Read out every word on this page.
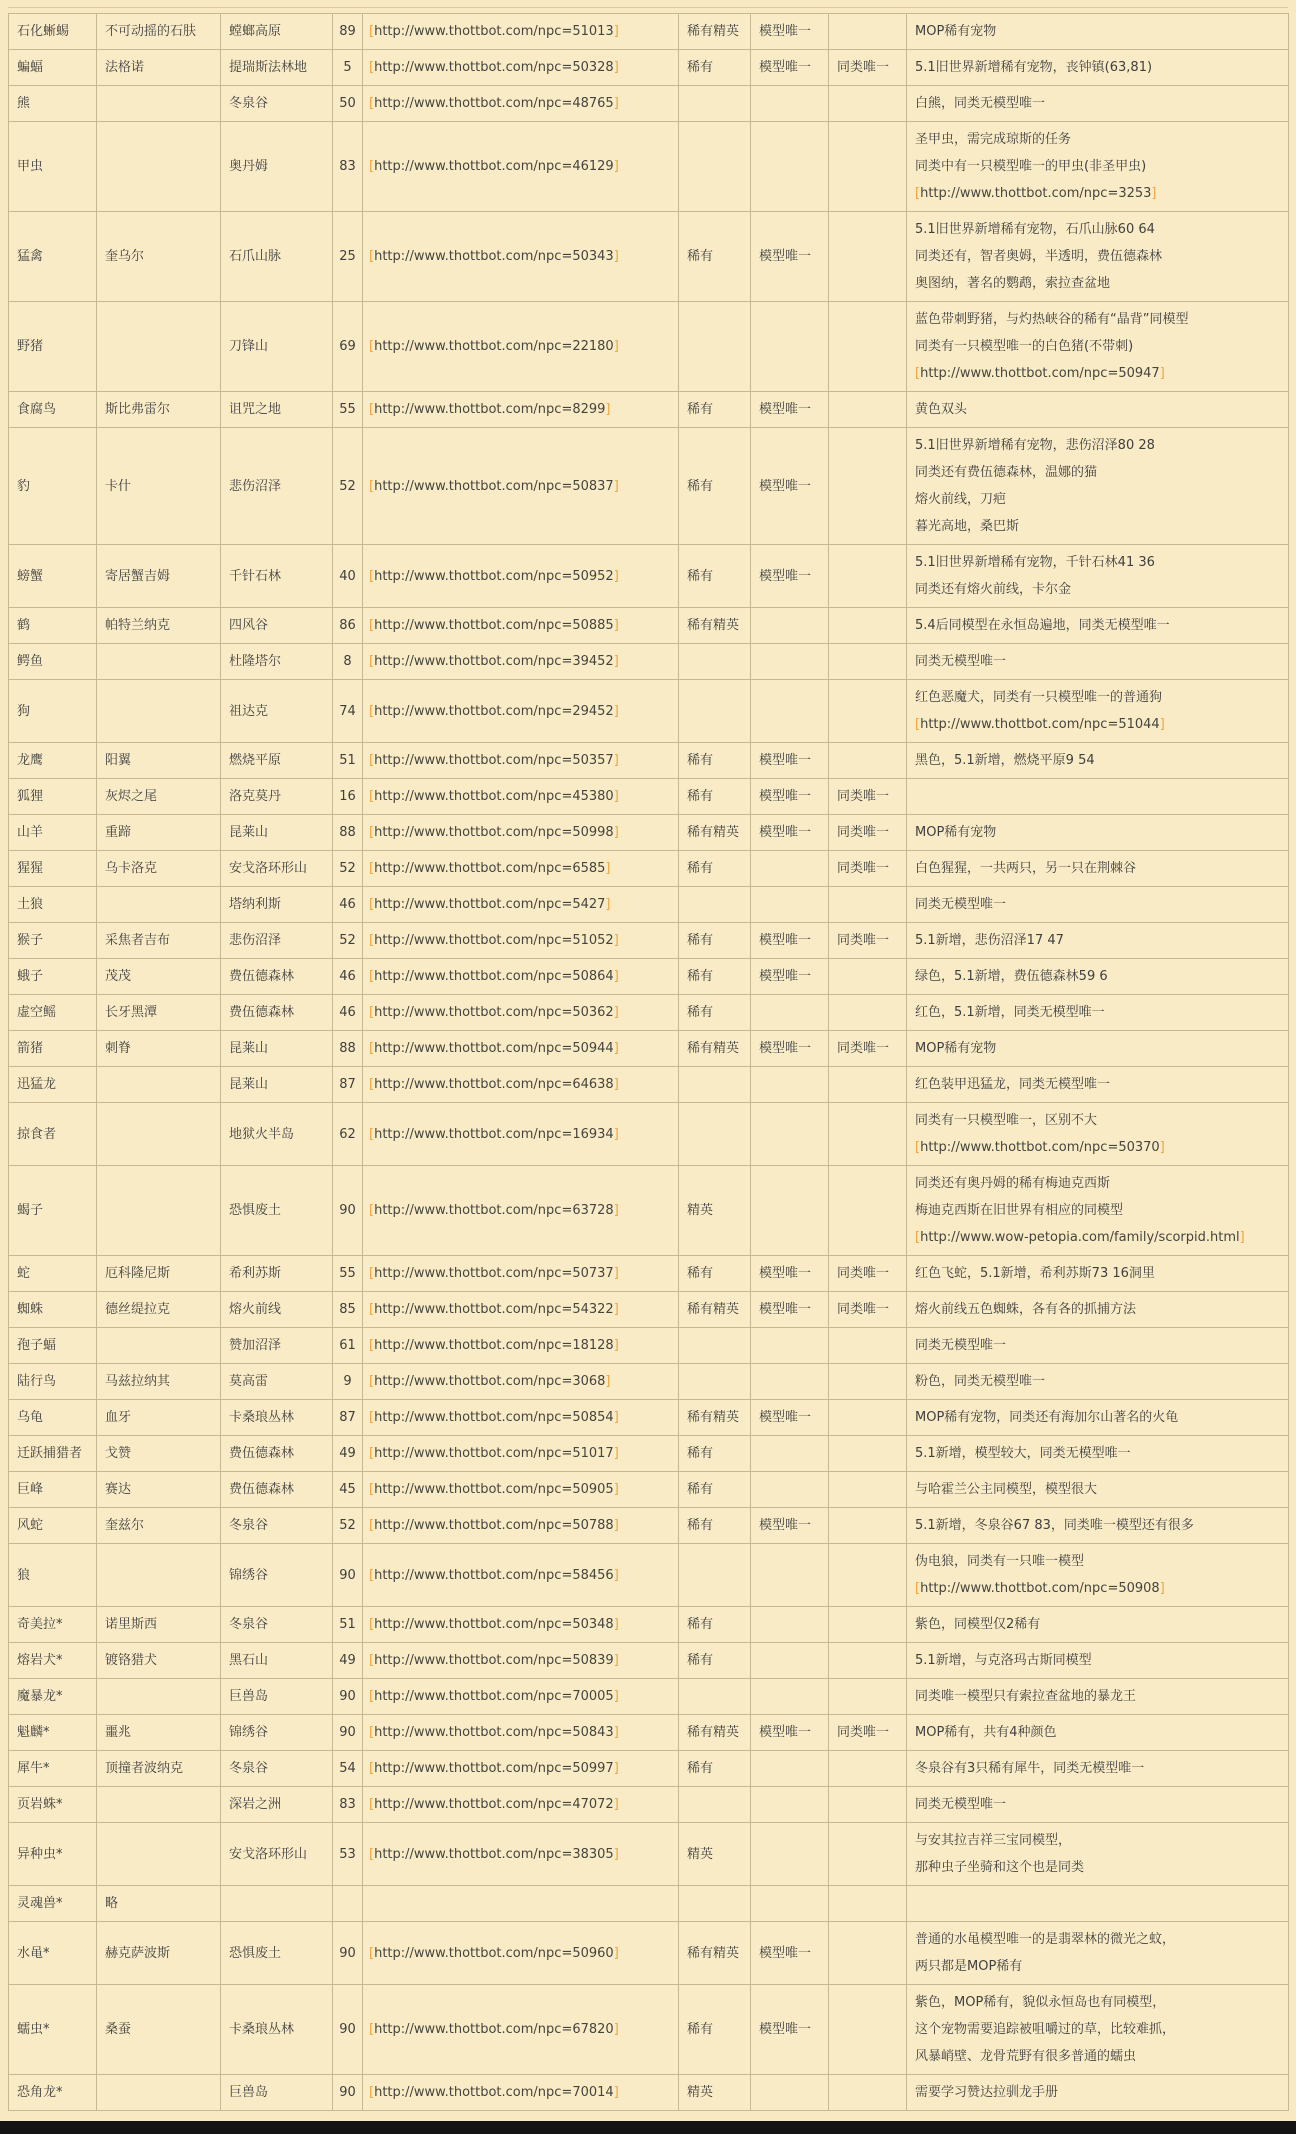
石化蜥蜴	不可动摇的石肤	螳螂高原	89	[http://www.thottbot.com/npc=51013]	稀有精英	模型唯一		MOP稀有宠物

蝙蝠	法格诺	提瑞斯法林地	5	[http://www.thottbot.com/npc=50328]	稀有	模型唯一	同类唯一	5.1旧世界新增稀有宠物，丧钟镇(63,81)

熊		冬泉谷	50	[http://www.thottbot.com/npc=48765]				白熊，同类无模型唯一

甲虫		奥丹姆	83	[http://www.thottbot.com/npc=46129]				圣甲虫，需完成琼斯的任务
同类中有一只模型唯一的甲虫(非圣甲虫)
[http://www.thottbot.com/npc=3253]

猛禽	奎乌尔	石爪山脉	25	[http://www.thottbot.com/npc=50343]	稀有	模型唯一		5.1旧世界新增稀有宠物，石爪山脉60 64
同类还有，智者奥姆，半透明，费伍德森林
奥图纳，著名的鹦鹉，索拉查盆地

野猪		刀锋山	69	[http://www.thottbot.com/npc=22180]				蓝色带刺野猪，与灼热峡谷的稀有“晶背”同模型
同类有一只模型唯一的白色猪(不带刺)
[http://www.thottbot.com/npc=50947]

食腐鸟	斯比弗雷尔	诅咒之地	55	[http://www.thottbot.com/npc=8299]	稀有	模型唯一		黄色双头

豹	卡什	悲伤沼泽	52	[http://www.thottbot.com/npc=50837]	稀有	模型唯一		5.1旧世界新增稀有宠物，悲伤沼泽80 28
同类还有费伍德森林，温娜的猫
熔火前线，刀疤
暮光高地，桑巴斯

螃蟹	寄居蟹吉姆	千针石林	40	[http://www.thottbot.com/npc=50952]	稀有	模型唯一		5.1旧世界新增稀有宠物，千针石林41 36
同类还有熔火前线，卡尔金

鹤	帕特兰纳克	四风谷	86	[http://www.thottbot.com/npc=50885]	稀有精英			5.4后同模型在永恒岛遍地，同类无模型唯一

鳄鱼		杜隆塔尔	8	[http://www.thottbot.com/npc=39452]				同类无模型唯一

狗		祖达克	74	[http://www.thottbot.com/npc=29452]				红色恶魔犬，同类有一只模型唯一的普通狗
[http://www.thottbot.com/npc=51044]

龙鹰	阳翼	燃烧平原	51	[http://www.thottbot.com/npc=50357]	稀有	模型唯一		黑色，5.1新增，燃烧平原9 54

狐狸	灰烬之尾	洛克莫丹	16	[http://www.thottbot.com/npc=45380]	稀有	模型唯一	同类唯一	
山羊	重蹄	昆莱山	88	[http://www.thottbot.com/npc=50998]	稀有精英	模型唯一	同类唯一	MOP稀有宠物

猩猩	乌卡洛克	安戈洛环形山	52	[http://www.thottbot.com/npc=6585]	稀有		同类唯一	白色猩猩，一共两只，另一只在荆棘谷

土狼		塔纳利斯	46	[http://www.thottbot.com/npc=5427]				同类无模型唯一

猴子	采焦者吉布	悲伤沼泽	52	[http://www.thottbot.com/npc=51052]	稀有	模型唯一	同类唯一	5.1新增，悲伤沼泽17 47

蛾子	茂茂	费伍德森林	46	[http://www.thottbot.com/npc=50864]	稀有	模型唯一		绿色，5.1新增，费伍德森林59 6

虚空鳐	长牙黑潭	费伍德森林	46	[http://www.thottbot.com/npc=50362]	稀有			红色，5.1新增，同类无模型唯一

箭猪	刺脊	昆莱山	88	[http://www.thottbot.com/npc=50944]	稀有精英	模型唯一	同类唯一	MOP稀有宠物

迅猛龙		昆莱山	87	[http://www.thottbot.com/npc=64638]				红色装甲迅猛龙，同类无模型唯一

掠食者		地狱火半岛	62	[http://www.thottbot.com/npc=16934]				同类有一只模型唯一，区别不大
[http://www.thottbot.com/npc=50370]

蝎子		恐惧废土	90	[http://www.thottbot.com/npc=63728]	精英			同类还有奥丹姆的稀有梅迪克西斯
梅迪克西斯在旧世界有相应的同模型
[http://www.wow-petopia.com/family/scorpid.html]

蛇	厄科隆尼斯	希利苏斯	55	[http://www.thottbot.com/npc=50737]	稀有	模型唯一	同类唯一	红色飞蛇，5.1新增，希利苏斯73 16洞里

蜘蛛	德丝缇拉克	熔火前线	85	[http://www.thottbot.com/npc=54322]	稀有精英	模型唯一	同类唯一	熔火前线五色蜘蛛，各有各的抓捕方法

孢子蝠		赞加沼泽	61	[http://www.thottbot.com/npc=18128]				同类无模型唯一

陆行鸟	马兹拉纳其	莫高雷	9	[http://www.thottbot.com/npc=3068]				粉色，同类无模型唯一

乌龟	血牙	卡桑琅丛林	87	[http://www.thottbot.com/npc=50854]	稀有精英	模型唯一		MOP稀有宠物，同类还有海加尔山著名的火龟

迁跃捕猎者	戈赞	费伍德森林	49	[http://www.thottbot.com/npc=51017]	稀有			5.1新增，模型较大，同类无模型唯一

巨峰	赛达	费伍德森林	45	[http://www.thottbot.com/npc=50905]	稀有			与哈霍兰公主同模型，模型很大

风蛇	奎兹尔	冬泉谷	52	[http://www.thottbot.com/npc=50788]	稀有	模型唯一		5.1新增，冬泉谷67 83，同类唯一模型还有很多

狼		锦绣谷	90	[http://www.thottbot.com/npc=58456]				伪电狼，同类有一只唯一模型
[http://www.thottbot.com/npc=50908]

奇美拉*	诺里斯西	冬泉谷	51	[http://www.thottbot.com/npc=50348]	稀有			紫色，同模型仅2稀有

熔岩犬*	镀铬猎犬	黑石山	49	[http://www.thottbot.com/npc=50839]	稀有			5.1新增，与克洛玛古斯同模型

魔暴龙*		巨兽岛	90	[http://www.thottbot.com/npc=70005]				同类唯一模型只有索拉查盆地的暴龙王

魁麟*	噩兆	锦绣谷	90	[http://www.thottbot.com/npc=50843]	稀有精英	模型唯一	同类唯一	MOP稀有，共有4种颜色

犀牛*	顶撞者波纳克	冬泉谷	54	[http://www.thottbot.com/npc=50997]	稀有			冬泉谷有3只稀有犀牛，同类无模型唯一

页岩蛛*		深岩之洲	83	[http://www.thottbot.com/npc=47072]				同类无模型唯一

异种虫*		安戈洛环形山	53	[http://www.thottbot.com/npc=38305]	精英			与安其拉吉祥三宝同模型，
那种虫子坐骑和这个也是同类

灵魂兽*	略							
水黾*	赫克萨波斯	恐惧废土	90	[http://www.thottbot.com/npc=50960]	稀有精英	模型唯一		普通的水黾模型唯一的是翡翠林的微光之蚊，
两只都是MOP稀有

蠕虫*	桑蚕	卡桑琅丛林	90	[http://www.thottbot.com/npc=67820]	稀有	模型唯一		紫色，MOP稀有，貌似永恒岛也有同模型，
这个宠物需要追踪被咀嚼过的草，比较难抓，
风暴峭壁、龙骨荒野有很多普通的蠕虫

恐角龙*		巨兽岛	90	[http://www.thottbot.com/npc=70014]	精英			需要学习赞达拉驯龙手册
